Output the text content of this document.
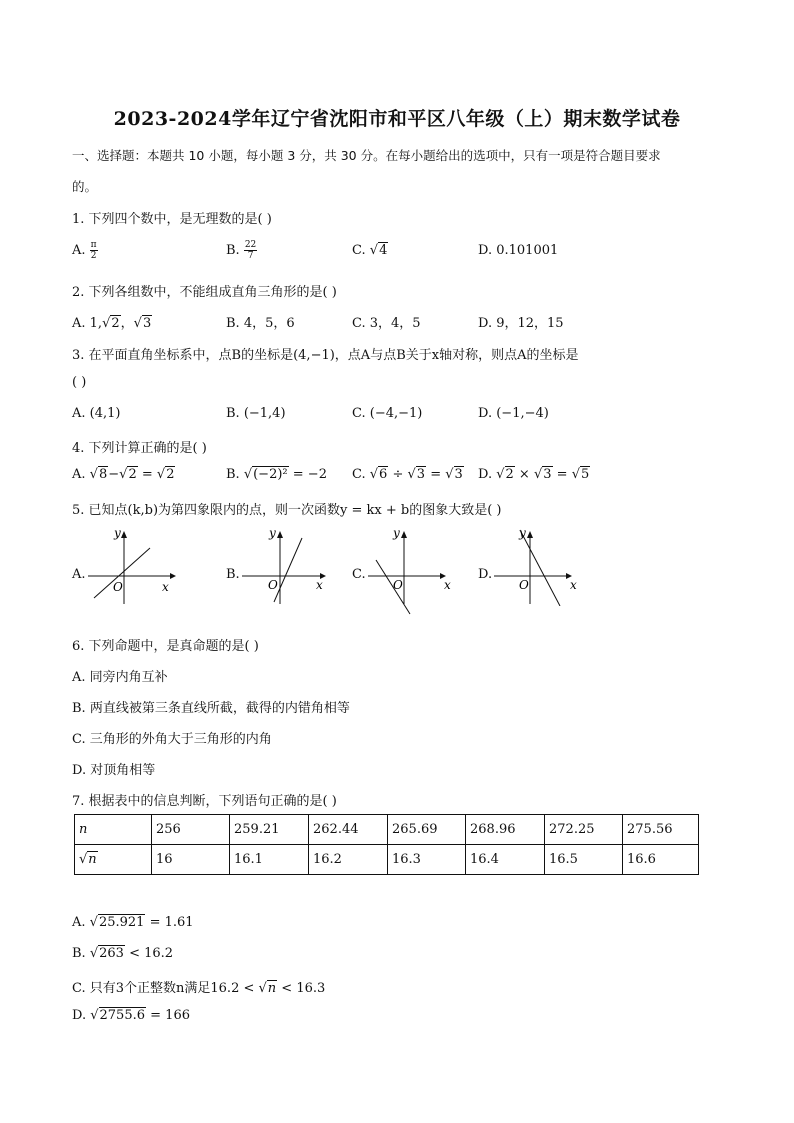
2023-2024学年辽宁省沈阳市和平区八年级（上）期末数学试卷
一、选择题：本题共 10 小题，每小题 3 分，共 30 分。在每小题给出的选项中，只有一项是符合题目要求
的。
1. 下列四个数中，是无理数的是( )
A. $\frac{\pi}{2}$	B. $\frac{22}{7}$	C. √4	D. 0.101001
2. 下列各组数中，不能组成直角三角形的是( )
A. 1,√2，√3	B. 4，5，6	C. 3，4，5	D. 9，12，15
3. 在平面直角坐标系中，点B的坐标是(4,−1)，点A与点B关于x轴对称，则点A的坐标是
( )
A. (4,1)	B. (−1,4)	C. (−4,−1)	D. (−1,−4)
4. 下列计算正确的是( )
A. √8−√2 = √2	B. √(−2)² = −2 C. √6 ÷ √3 = √3 D. √2 × √3 = √5
5. 已知点(k,b)为第四象限内的点，则一次函数y = kx + b的图象大致是( )
A.
x
y
O
B.
x
y
O
C.
x
y
O
D.
x
y
O
6. 下列命题中，是真命题的是( )
A. 同旁内角互补
B. 两直线被第三条直线所截，截得的内错角相等
C. 三角形的外角大于三角形的内角
D. 对顶角相等
7. 根据表中的信息判断，下列语句正确的是( )
n	256	259.21	262.44	265.69	268.96	272.25	275.56
√n	16	16.1	16.2	16.3	16.4	16.5	16.6
A. √25.921 = 1.61
B. √263 < 16.2
C. 只有3个正整数n满足16.2 < √n < 16.3
D. √2755.6 = 166
